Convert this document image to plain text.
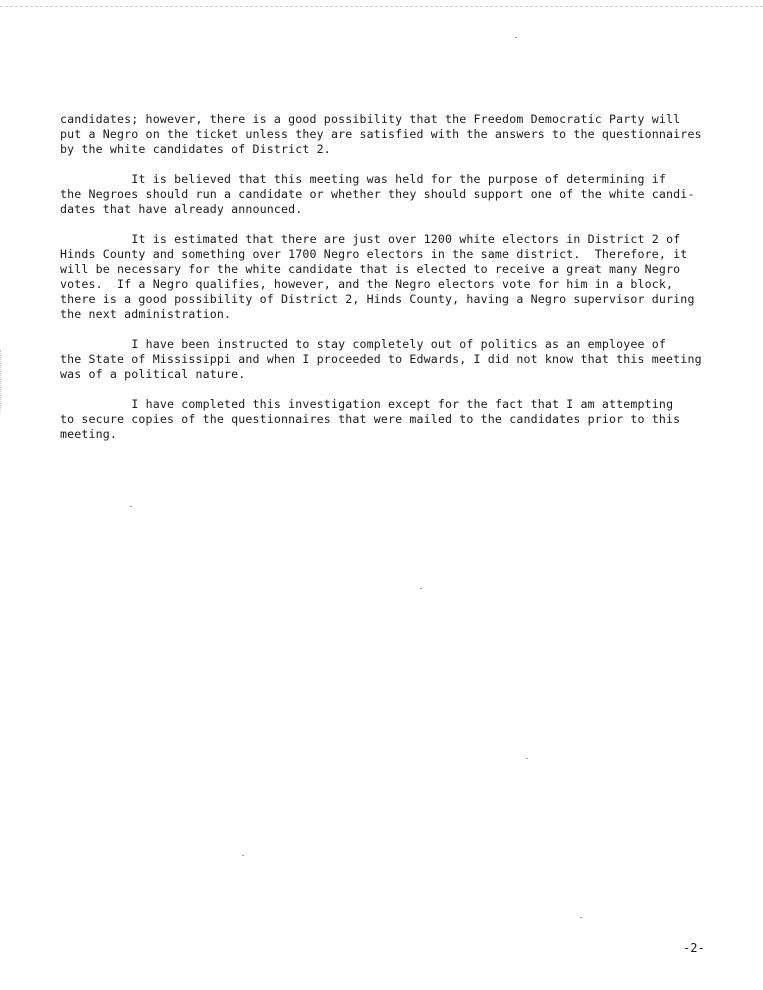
candidates; however, there is a good possibility that the Freedom Democratic Party will
put a Negro on the ticket unless they are satisfied with the answers to the questionnaires
by the white candidates of District 2.

It is believed that this meeting was held for the purpose of determining if
the Negroes should run a candidate or whether they should support one of the white candi-
dates that have already announced.

It is estimated that there are just over 1200 white electors in District 2 of
Hinds County and something over 1700 Negro electors in the same district.  Therefore, it
will be necessary for the white candidate that is elected to receive a great many Negro
votes.  If a Negro qualifies, however, and the Negro electors vote for him in a block,
there is a good possibility of District 2, Hinds County, having a Negro supervisor during
the next administration.

I have been instructed to stay completely out of politics as an employee of
the State of Mississippi and when I proceeded to Edwards, I did not know that this meeting
was of a political nature.

I have completed this investigation except for the fact that I am attempting
to secure copies of the questionnaires that were mailed to the candidates prior to this
meeting.

-2-
